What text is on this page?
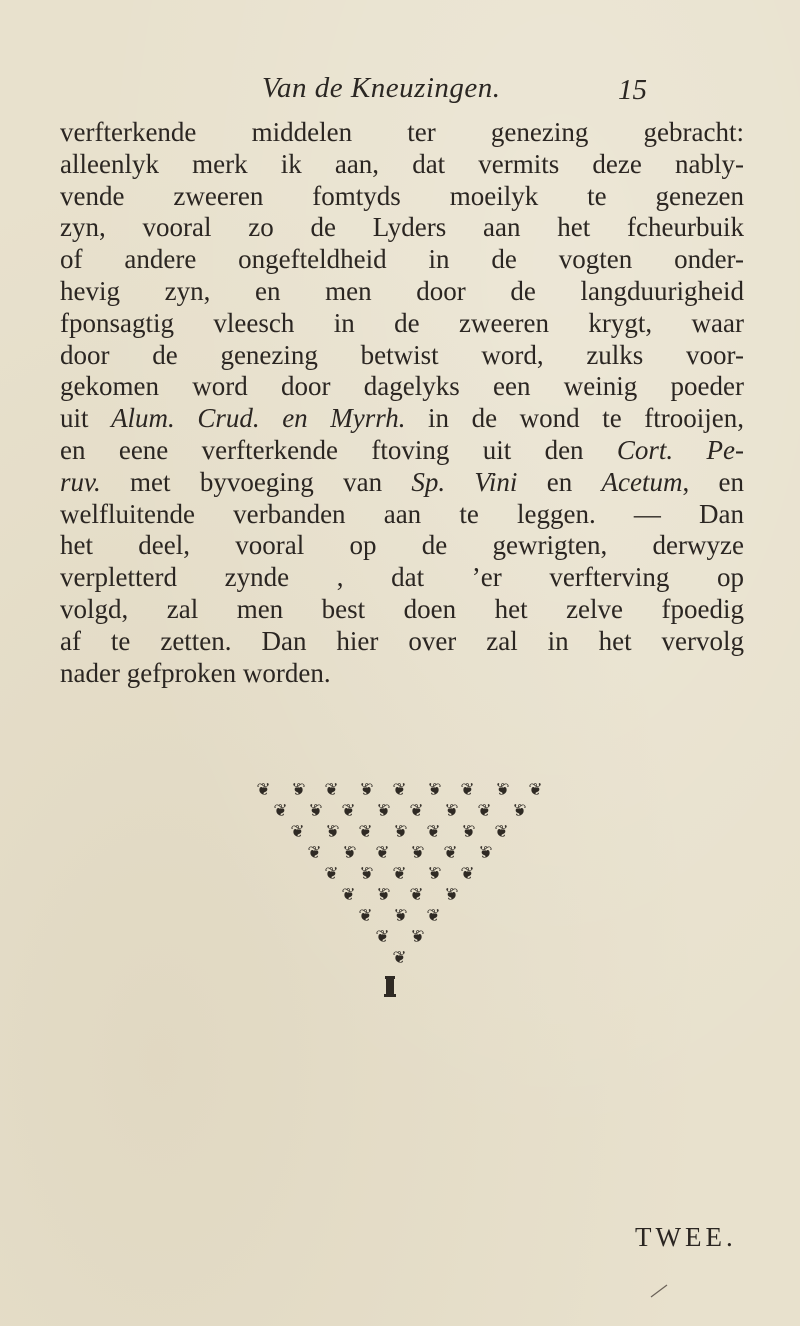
Van de Kneuzingen.	15
verfterkende middelen ter genezing gebracht:
alleenlyk merk ik aan, dat vermits deze nably-
vende zweeren fomtyds moeilyk te genezen
zyn, vooral zo de Lyders aan het fcheurbuik
of andere ongefteldheid in de vogten onder-
hevig zyn, en men door de langduurigheid
fponsagtig vleesch in de zweeren krygt, waar
door de genezing betwist word, zulks voor-
gekomen word door dagelyks een weinig poeder
uit Alum. Crud. en Myrrh. in de wond te ftrooijen,
en eene verfterkende ftoving uit den Cort. Pe-
ruv. met byvoeging van Sp. Vini en Acetum, en
welfluitende verbanden aan te leggen. — Dan
het deel, vooral op de gewrigten, derwyze
verpletterd zynde , dat ’er verfterving op
volgd, zal men best doen het zelve fpoedig
af te zetten. Dan hier over zal in het vervolg
nader gefproken worden.
❦ ❦ ❦ ❦ ❦ ❦ ❦ ❦ ❦
❦ ❦ ❦ ❦ ❦ ❦ ❦ ❦
❦ ❦ ❦ ❦ ❦ ❦ ❦
❦ ❦ ❦ ❦ ❦ ❦
❦ ❦ ❦ ❦ ❦
❦ ❦ ❦ ❦
❦ ❦ ❦
❦ ❦
❦
TWEE.
